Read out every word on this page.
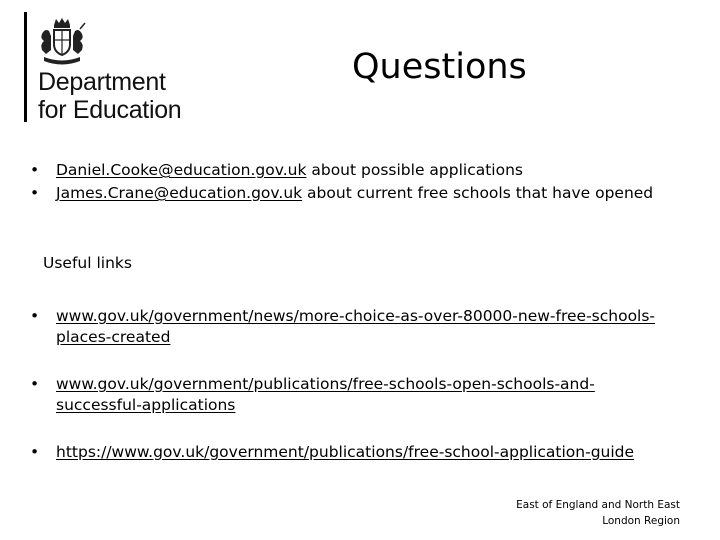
Department
for Education
Questions
•	Daniel.Cooke@education.gov.uk about possible applications
•	James.Crane@education.gov.uk about current free schools that have opened
Useful links
•	www.gov.uk/government/news/more-choice-as-over-80000-new-free-schools-places-created
•	www.gov.uk/government/publications/free-schools-open-schools-and-successful-applications
•	https://www.gov.uk/government/publications/free-school-application-guide
East of England and North East
London Region
